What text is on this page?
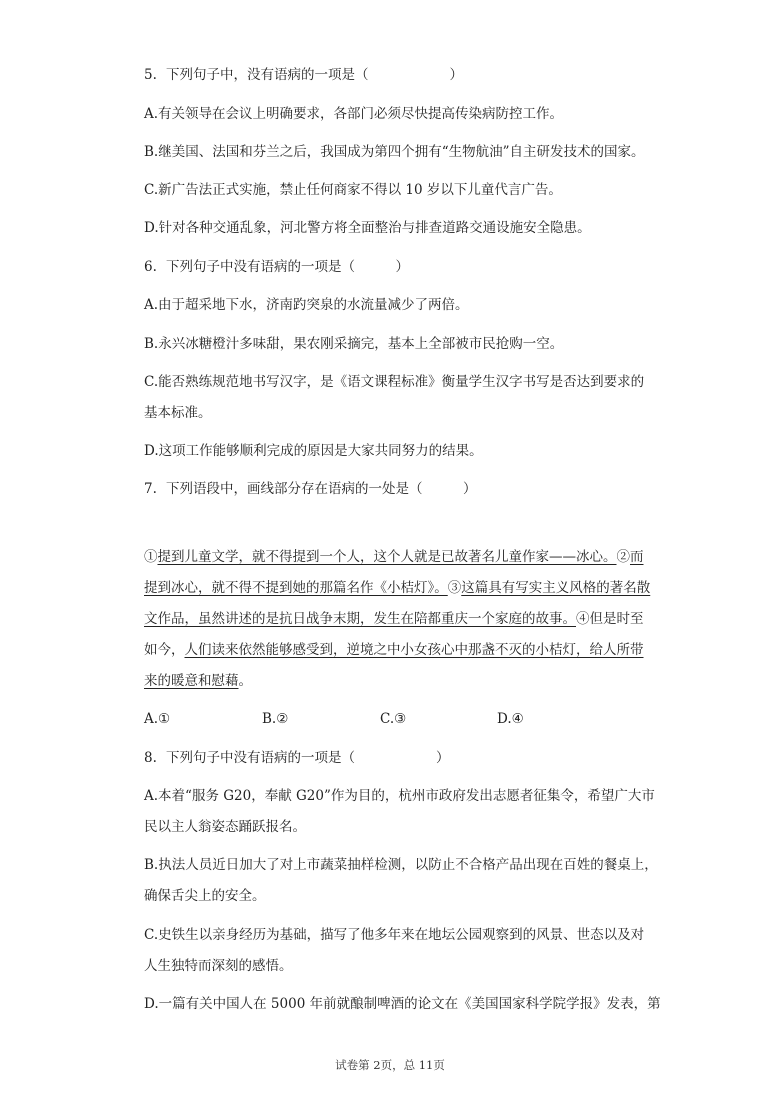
5. 下列句子中，没有语病的一项是（　　　　　　）
A.有关领导在会议上明确要求，各部门必须尽快提高传染病防控工作。
B.继美国、法国和芬兰之后，我国成为第四个拥有“生物航油”自主研发技术的国家。
C.新广告法正式实施，禁止任何商家不得以 10 岁以下儿童代言广告。
D.针对各种交通乱象，河北警方将全面整治与排查道路交通设施安全隐患。
6. 下列句子中没有语病的一项是（　　　）
A.由于超采地下水，济南趵突泉的水流量减少了两倍。
B.永兴冰糖橙汁多味甜，果农刚采摘完，基本上全部被市民抢购一空。
C.能否熟练规范地书写汉字，是《语文课程标准》衡量学生汉字书写是否达到要求的
基本标准。
D.这项工作能够顺利完成的原因是大家共同努力的结果。
7. 下列语段中，画线部分存在语病的一处是（　　　）
①提到儿童文学，就不得提到一个人，这个人就是已故著名儿童作家——冰心。②而
提到冰心，就不得不提到她的那篇名作《小桔灯》。③这篇具有写实主义风格的著名散
文作品，虽然讲述的是抗日战争末期，发生在陪都重庆一个家庭的故事。④但是时至
如今，人们读来依然能够感受到，逆境之中小女孩心中那盏不灭的小桔灯，给人所带
来的暖意和慰藉。
A.①	B.②	C.③	D.④
8. 下列句子中没有语病的一项是（　　　　　　）
A.本着“服务 G20，奉献 G20”作为目的，杭州市政府发出志愿者征集令，希望广大市
民以主人翁姿态踊跃报名。
B.执法人员近日加大了对上市蔬菜抽样检测，以防止不合格产品出现在百姓的餐桌上，
确保舌尖上的安全。
C.史铁生以亲身经历为基础，描写了他多年来在地坛公园观察到的风景、世态以及对
人生独特而深刻的感悟。
D.一篇有关中国人在 5000 年前就酿制啤酒的论文在《美国国家科学院学报》发表，第
试卷第 2页，总 11页
